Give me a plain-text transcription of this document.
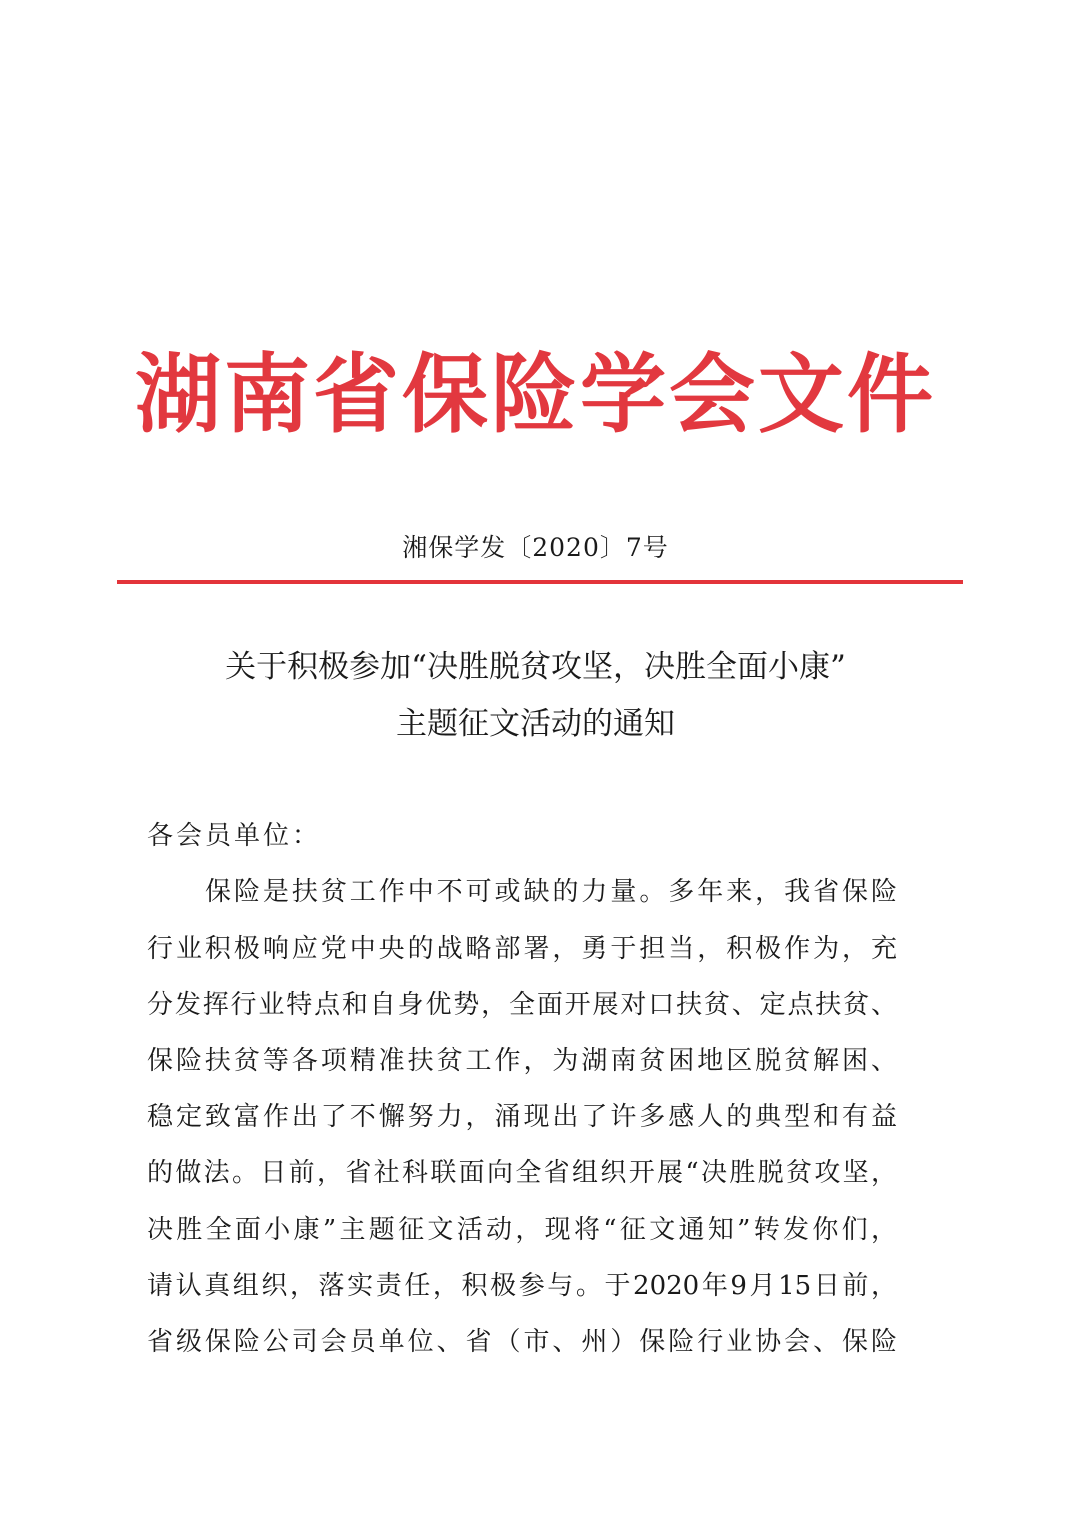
湖南省保险学会文件
湘保学发〔2020〕7号
关于积极参加“决胜脱贫攻坚，决胜全面小康”
主题征文活动的通知
各会员单位：
保险是扶贫工作中不可或缺的力量。多年来，我省保险
行业积极响应党中央的战略部署，勇于担当，积极作为，充
分发挥行业特点和自身优势，全面开展对口扶贫、定点扶贫、
保险扶贫等各项精准扶贫工作，为湖南贫困地区脱贫解困、
稳定致富作出了不懈努力，涌现出了许多感人的典型和有益
的做法。日前，省社科联面向全省组织开展“决胜脱贫攻坚，
决胜全面小康”主题征文活动，现将“征文通知”转发你们，
请认真组织，落实责任，积极参与。于2020年9月15日前，
省级保险公司会员单位、省（市、州）保险行业协会、保险
